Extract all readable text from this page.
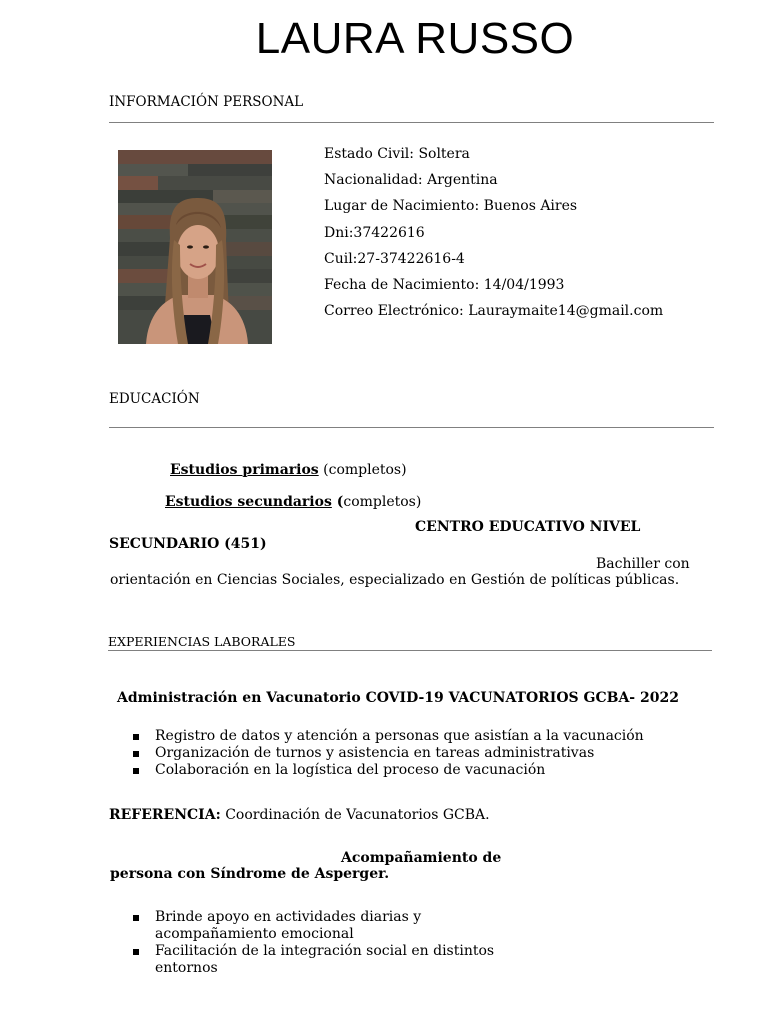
LAURA RUSSO
INFORMACIÓN PERSONAL
Estado Civil: Soltera
Nacionalidad: Argentina
Lugar de Nacimiento: Buenos Aires
Dni:37422616
Cuil:27-37422616-4
Fecha de Nacimiento: 14/04/1993
Correo Electrónico: Lauraymaite14@gmail.com
EDUCACIÓN
Estudios primarios (completos)
Estudios secundarios (completos)
CENTRO EDUCATIVO NIVEL
SECUNDARIO (451)
Bachiller con
orientación en Ciencias Sociales, especializado en Gestión de políticas públicas.
EXPERIENCIAS LABORALES
Administración en Vacunatorio COVID-19 VACUNATORIOS GCBA- 2022
Registro de datos y atención a personas que asistían a la vacunación
Organización de turnos y asistencia en tareas administrativas
Colaboración en la logística del proceso de vacunación
REFERENCIA: Coordinación de Vacunatorios GCBA.
Acompañamiento de
persona con Síndrome de Asperger.
Brinde apoyo en actividades diarias y acompañamiento emocional
Facilitación de la integración social en distintos entornos
